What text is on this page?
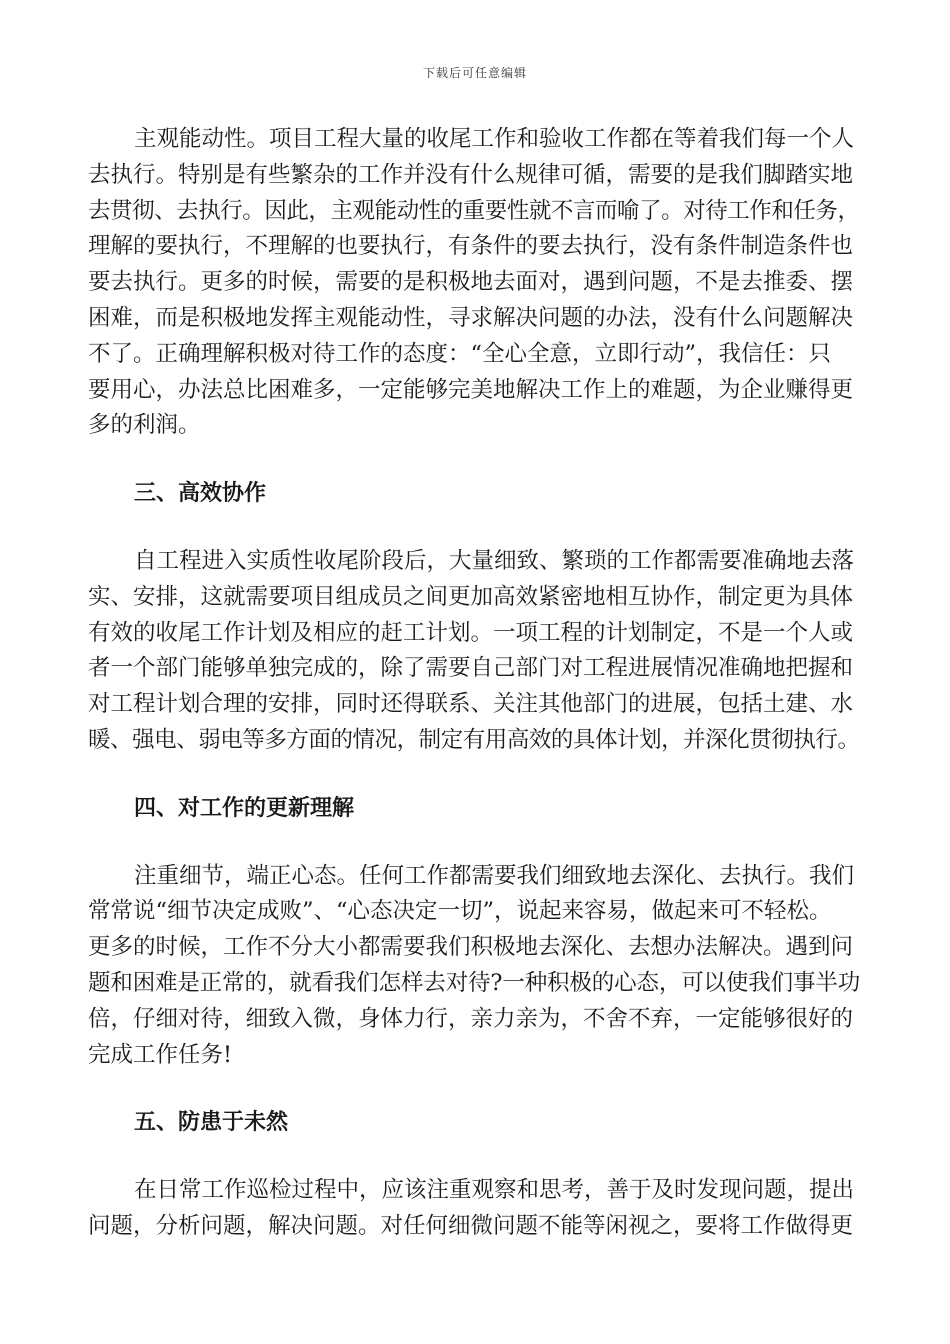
下载后可任意编辑
主观能动性。项目工程大量的收尾工作和验收工作都在等着我们每一个人
去执行。特别是有些繁杂的工作并没有什么规律可循，需要的是我们脚踏实地
去贯彻、去执行。因此，主观能动性的重要性就不言而喻了。对待工作和任务，
理解的要执行，不理解的也要执行，有条件的要去执行，没有条件制造条件也
要去执行。更多的时候，需要的是积极地去面对，遇到问题，不是去推委、摆
困难，而是积极地发挥主观能动性，寻求解决问题的办法，没有什么问题解决
不了。正确理解积极对待工作的态度：“全心全意，立即行动”，我信任：只
要用心，办法总比困难多，一定能够完美地解决工作上的难题，为企业赚得更
多的利润。
三、高效协作
自工程进入实质性收尾阶段后，大量细致、繁琐的工作都需要准确地去落
实、安排，这就需要项目组成员之间更加高效紧密地相互协作，制定更为具体
有效的收尾工作计划及相应的赶工计划。一项工程的计划制定，不是一个人或
者一个部门能够单独完成的，除了需要自己部门对工程进展情况准确地把握和
对工程计划合理的安排，同时还得联系、关注其他部门的进展，包括土建、水
暖、强电、弱电等多方面的情况，制定有用高效的具体计划，并深化贯彻执行。
四、对工作的更新理解
注重细节，端正心态。任何工作都需要我们细致地去深化、去执行。我们
常常说“细节决定成败”、“心态决定一切”，说起来容易，做起来可不轻松。
更多的时候，工作不分大小都需要我们积极地去深化、去想办法解决。遇到问
题和困难是正常的，就看我们怎样去对待?一种积极的心态，可以使我们事半功
倍，仔细对待，细致入微，身体力行，亲力亲为，不舍不弃，一定能够很好的
完成工作任务!
五、防患于未然
在日常工作巡检过程中，应该注重观察和思考，善于及时发现问题，提出
问题，分析问题，解决问题。对任何细微问题不能等闲视之，要将工作做得更
